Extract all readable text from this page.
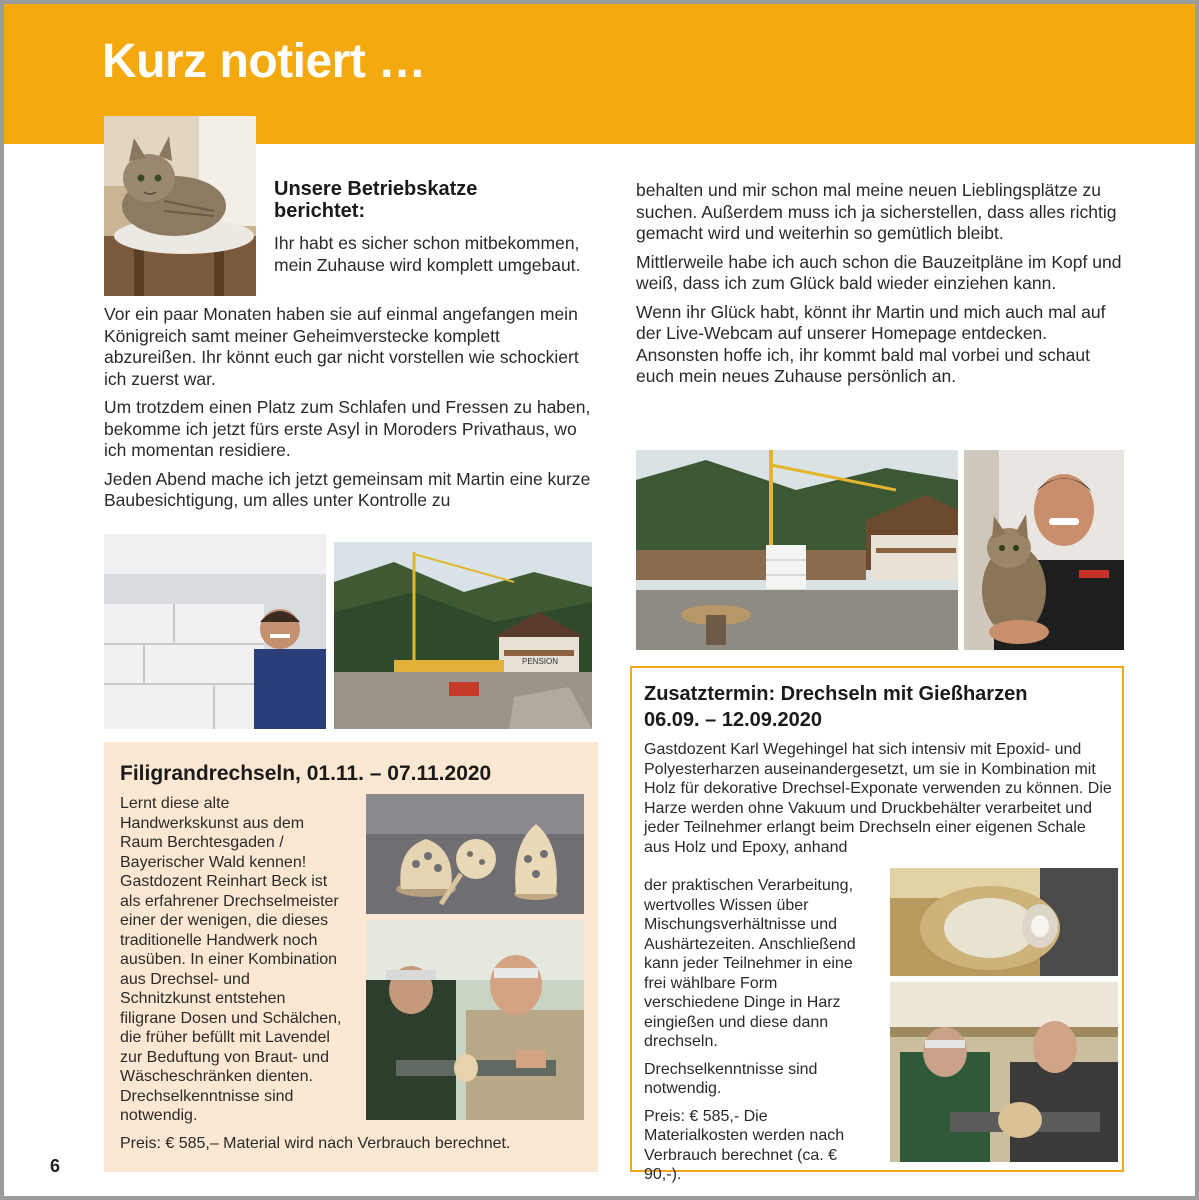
Kurz notiert …
Unsere Betriebskatze berichtet:

Ihr habt es sicher schon mitbekommen, mein Zuhause wird komplett umgebaut.

Vor ein paar Monaten haben sie auf einmal angefangen mein Königreich samt meiner Geheimverstecke komplett abzureißen. Ihr könnt euch gar nicht vorstellen wie schockiert ich zuerst war.

Um trotzdem einen Platz zum Schlafen und Fressen zu haben, bekomme ich jetzt fürs erste Asyl in Moroders Privathaus, wo ich momentan residiere.

Jeden Abend mache ich jetzt gemeinsam mit Martin eine kurze Baubesichtigung, um alles unter Kontrolle zu

behalten und mir schon mal meine neuen Lieblingsplätze zu suchen. Außerdem muss ich ja sicherstellen, dass alles richtig gemacht wird und weiterhin so gemütlich bleibt.

Mittlerweile habe ich auch schon die Bauzeitpläne im Kopf und weiß, dass ich zum Glück bald wieder einziehen kann.

Wenn ihr Glück habt, könnt ihr Martin und mich auch mal auf der Live-Webcam auf unserer Homepage entdecken. Ansonsten hoffe ich, ihr kommt bald mal vorbei und schaut euch mein neues Zuhause persönlich an.

PENSION
Filigrandrechseln, 01.11. – 07.11.2020

Lernt diese alte Handwerkskunst aus dem Raum Berchtesgaden / Bayerischer Wald kennen! Gastdozent Reinhart Beck ist als erfahrener Drechselmeister einer der wenigen, die dieses traditionelle Handwerk noch ausüben. In einer Kombination aus Drechsel- und Schnitzkunst entstehen filigrane Dosen und Schälchen, die früher befüllt mit Lavendel zur Beduftung von Braut- und Wäscheschränken dienten.

Drechselkenntnisse sind notwendig.

Preis: € 585,– Material wird nach Verbrauch berechnet.
Zusatztermin: Drechseln mit Gießharzen
06.09. – 12.09.2020
Gastdozent Karl Wegehingel hat sich intensiv mit Epoxid- und Polyesterharzen auseinandergesetzt, um sie in Kombination mit Holz für dekorative Drechsel-Exponate verwenden zu können. Die Harze werden ohne Vakuum und Druckbehälter verarbeitet und jeder Teilnehmer erlangt beim Drechseln einer eigenen Schale aus Holz und Epoxy, anhand

der praktischen Verarbeitung, wertvolles Wissen über Mischungsverhältnisse und Aushärtezeiten. Anschließend kann jeder Teilnehmer in eine frei wählbare Form verschiedene Dinge in Harz eingießen und diese dann drechseln.

Drechselkenntnisse sind notwendig.

Preis: € 585,- Die Materialkosten werden nach Verbrauch berechnet (ca. € 90,-).

6
